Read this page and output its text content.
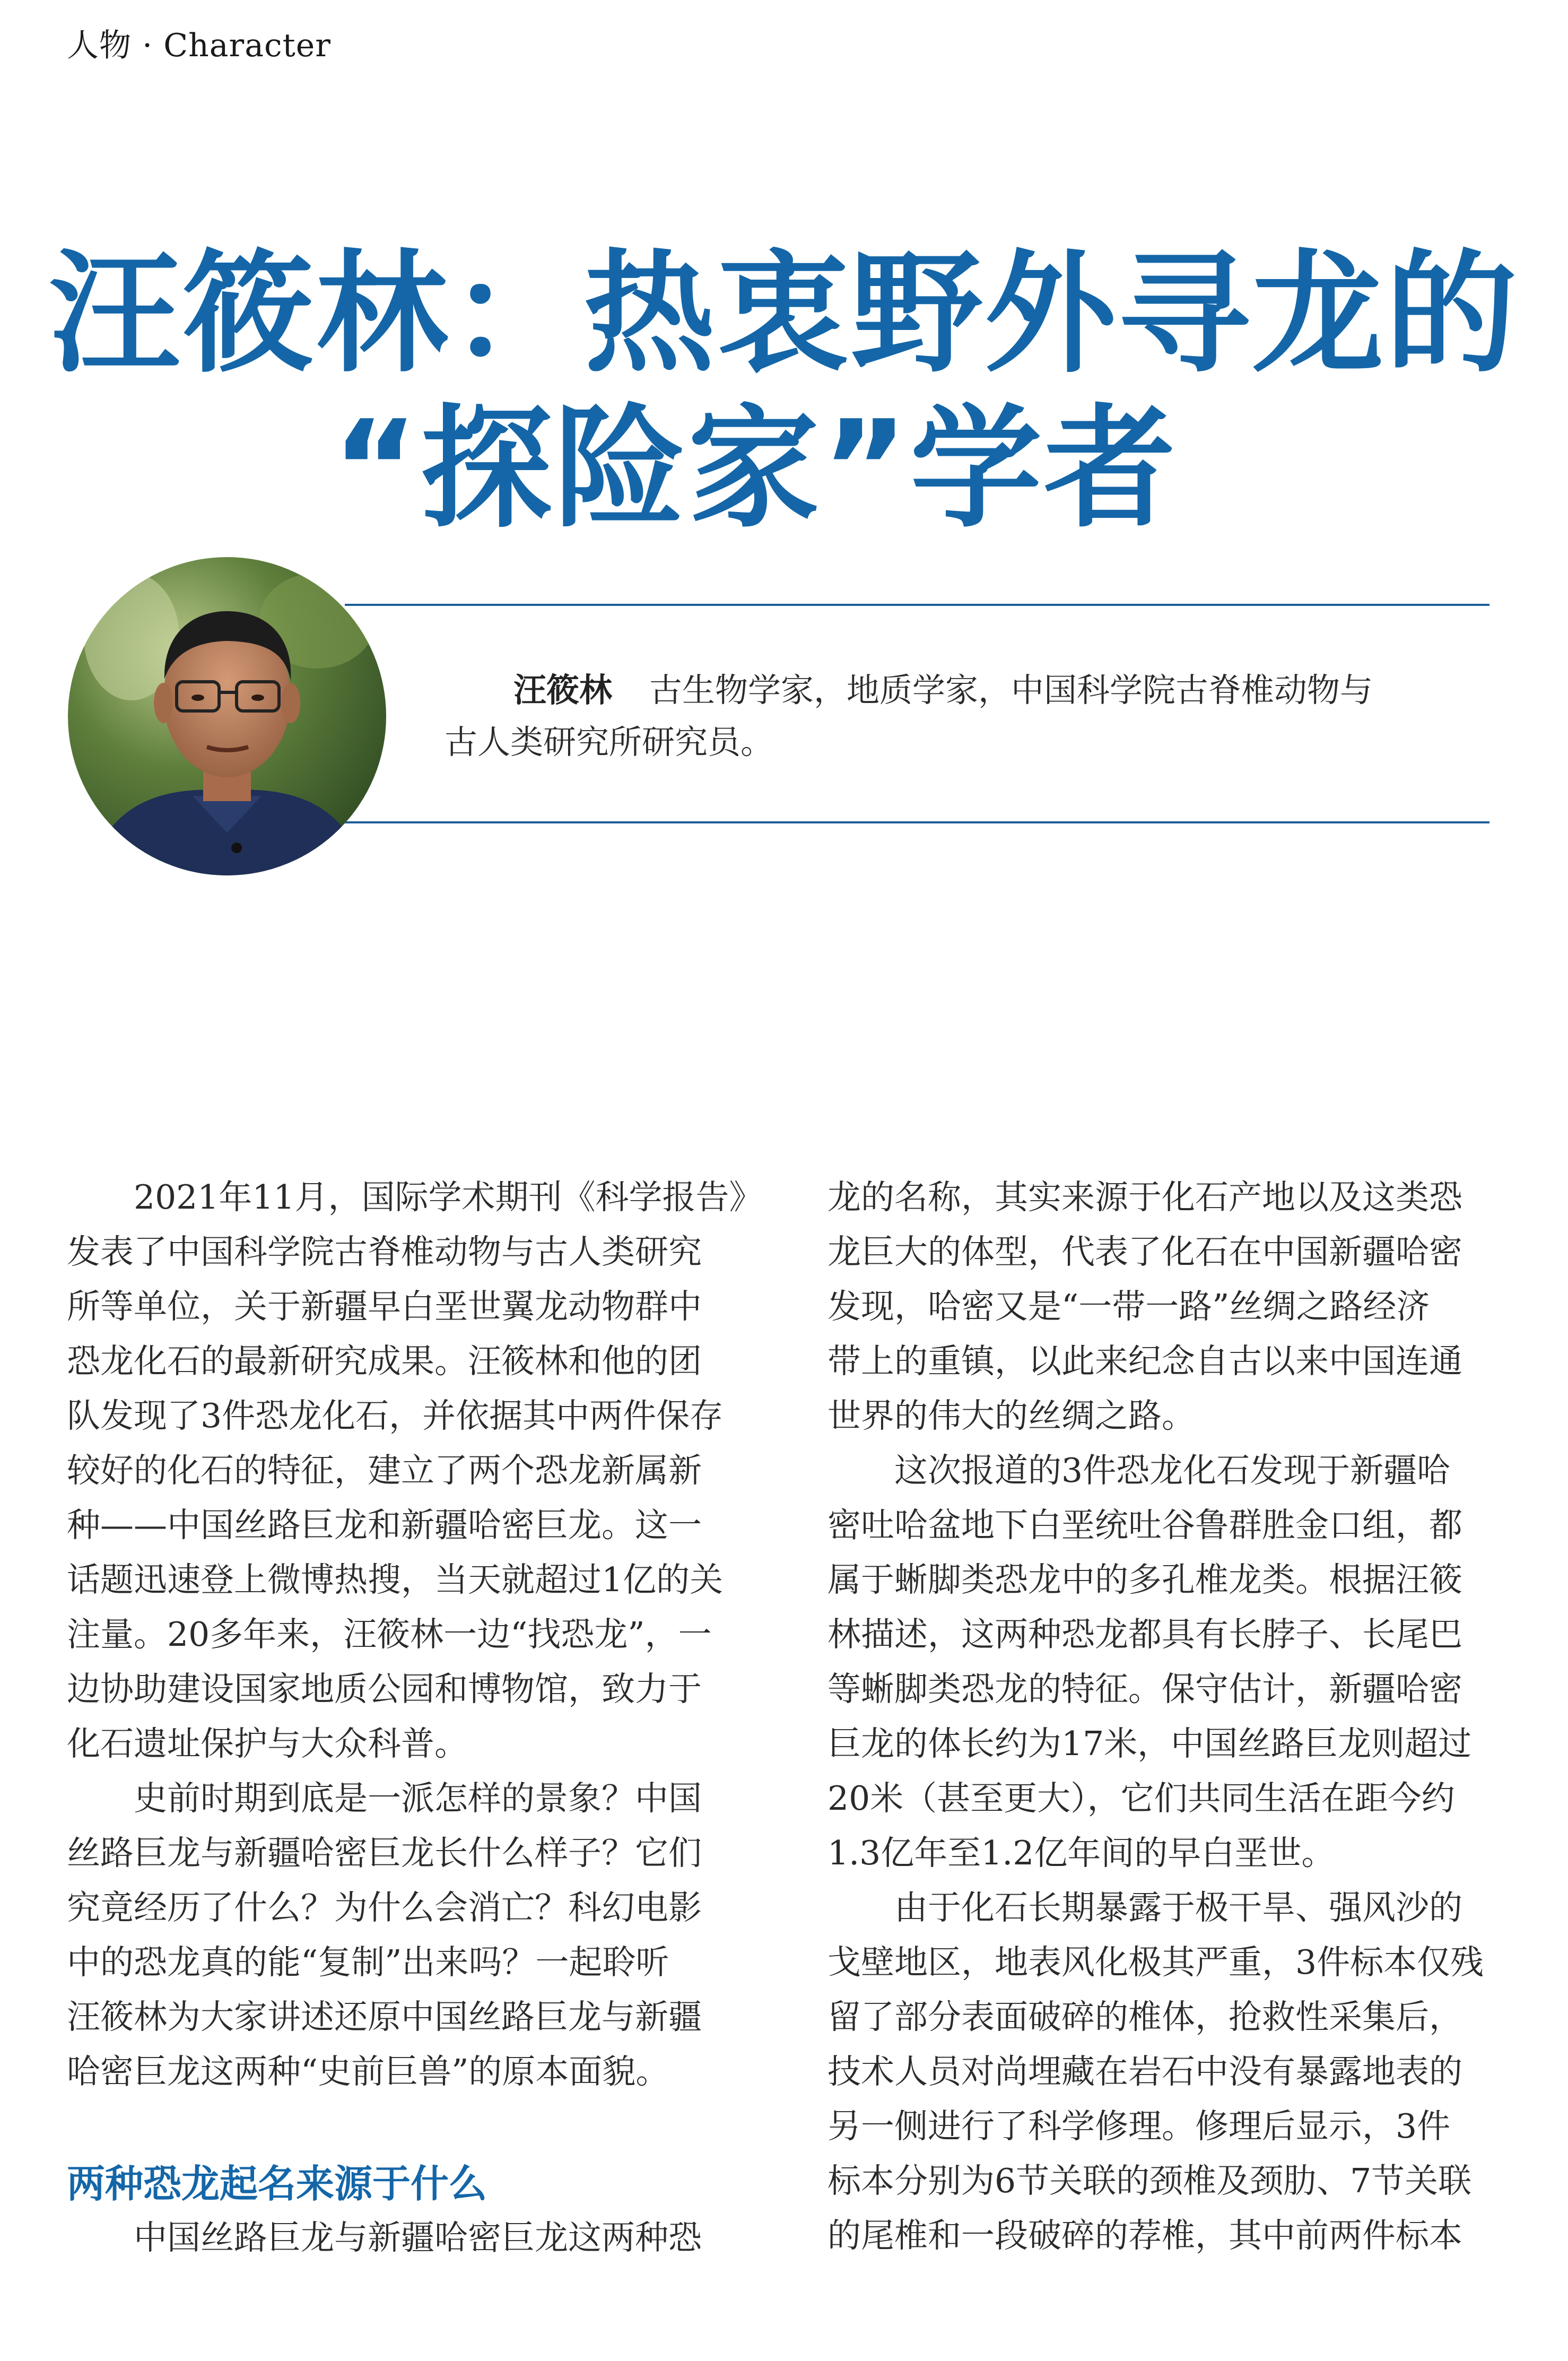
人物 · Character
汪筱林：热衷野外寻龙的
“探险家”学者
汪筱林 古生物学家，地质学家，中国科学院古脊椎动物与
古人类研究所研究员。

2021年11月，国际学术期刊《科学报告》
发表了中国科学院古脊椎动物与古人类研究
所等单位，关于新疆早白垩世翼龙动物群中
恐龙化石的最新研究成果。汪筱林和他的团
队发现了3件恐龙化石，并依据其中两件保存
较好的化石的特征，建立了两个恐龙新属新
种——中国丝路巨龙和新疆哈密巨龙。这一
话题迅速登上微博热搜，当天就超过1亿的关
注量。20多年来，汪筱林一边“找恐龙”，一
边协助建设国家地质公园和博物馆，致力于
化石遗址保护与大众科普。

史前时期到底是一派怎样的景象？中国
丝路巨龙与新疆哈密巨龙长什么样子？它们
究竟经历了什么？为什么会消亡？科幻电影
中的恐龙真的能“复制”出来吗？一起聆听
汪筱林为大家讲述还原中国丝路巨龙与新疆
哈密巨龙这两种“史前巨兽”的原本面貌。

两种恐龙起名来源于什么

中国丝路巨龙与新疆哈密巨龙这两种恐

龙的名称，其实来源于化石产地以及这类恐
龙巨大的体型，代表了化石在中国新疆哈密
发现，哈密又是“一带一路”丝绸之路经济
带上的重镇，以此来纪念自古以来中国连通
世界的伟大的丝绸之路。

这次报道的3件恐龙化石发现于新疆哈
密吐哈盆地下白垩统吐谷鲁群胜金口组，都
属于蜥脚类恐龙中的多孔椎龙类。根据汪筱
林描述，这两种恐龙都具有长脖子、长尾巴
等蜥脚类恐龙的特征。保守估计，新疆哈密
巨龙的体长约为17米，中国丝路巨龙则超过
20米（甚至更大），它们共同生活在距今约
1.3亿年至1.2亿年间的早白垩世。

由于化石长期暴露于极干旱、强风沙的
戈壁地区，地表风化极其严重，3件标本仅残
留了部分表面破碎的椎体，抢救性采集后，
技术人员对尚埋藏在岩石中没有暴露地表的
另一侧进行了科学修理。修理后显示，3件
标本分别为6节关联的颈椎及颈肋、7节关联
的尾椎和一段破碎的荐椎，其中前两件标本
